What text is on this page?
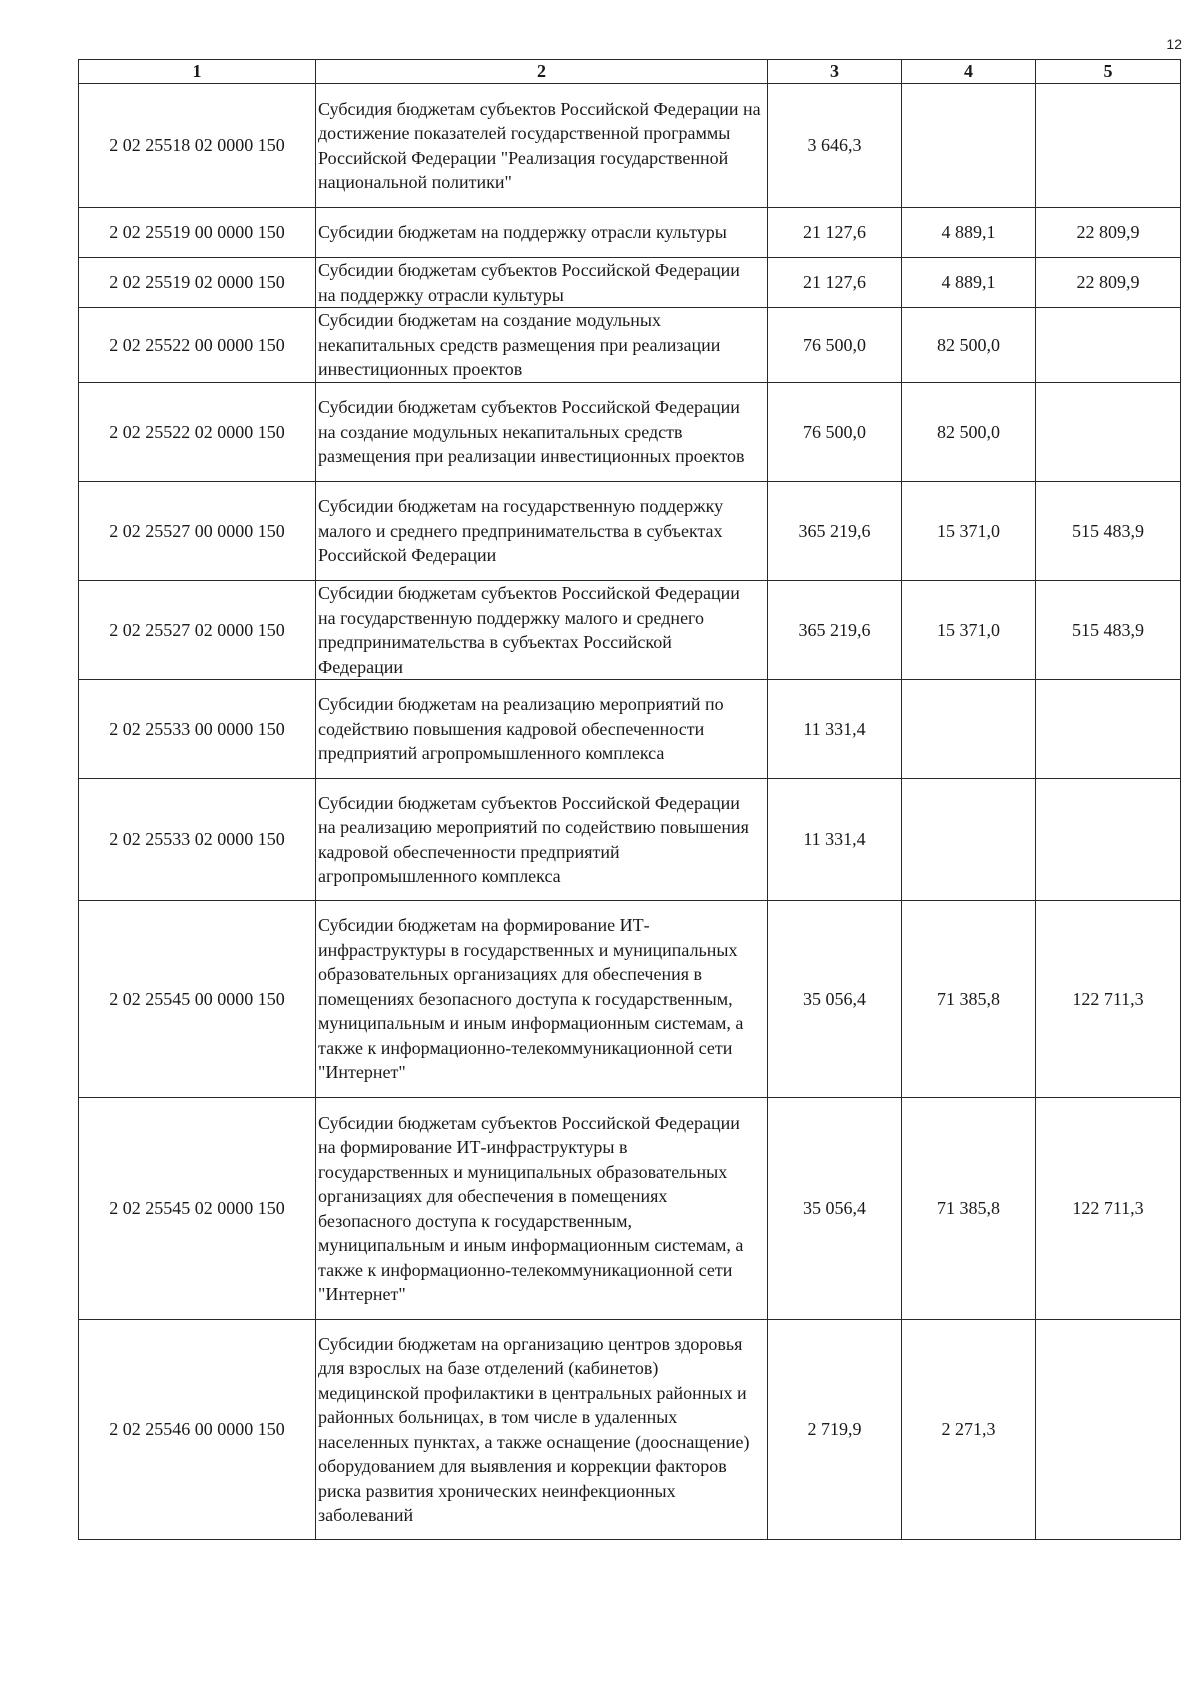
12
1	2	3	4	5
2 02 25518 02 0000 150	Субсидия бюджетам субъектов Российской Федерации на достижение показателей государственной программы Российской Федерации "Реализация государственной национальной политики"	3 646,3		
2 02 25519 00 0000 150	Субсидии бюджетам на поддержку отрасли культуры	21 127,6	4 889,1	22 809,9
2 02 25519 02 0000 150	Субсидии бюджетам субъектов Российской Федерации на поддержку отрасли культуры	21 127,6	4 889,1	22 809,9
2 02 25522 00 0000 150	Субсидии бюджетам на создание модульных некапитальных средств размещения при реализации инвестиционных проектов	76 500,0	82 500,0	
2 02 25522 02 0000 150	Субсидии бюджетам субъектов Российской Федерации на создание модульных некапитальных средств размещения при реализации инвестиционных проектов	76 500,0	82 500,0	
2 02 25527 00 0000 150	Субсидии бюджетам на государственную поддержку малого и среднего предпринимательства в субъектах Российской Федерации	365 219,6	15 371,0	515 483,9
2 02 25527 02 0000 150	Субсидии бюджетам субъектов Российской Федерации на государственную поддержку малого и среднего предпринимательства в субъектах Российской Федерации	365 219,6	15 371,0	515 483,9
2 02 25533 00 0000 150	Субсидии бюджетам на реализацию мероприятий по содействию повышения кадровой обеспеченности предприятий агропромышленного комплекса	11 331,4		
2 02 25533 02 0000 150	Субсидии бюджетам субъектов Российской Федерации на реализацию мероприятий по содействию повышения кадровой обеспеченности предприятий агропромышленного комплекса	11 331,4		
2 02 25545 00 0000 150	Субсидии бюджетам на формирование ИТ-инфраструктуры в государственных и муниципальных образовательных организациях для обеспечения в помещениях безопасного доступа к государственным, муниципальным и иным информационным системам, а также к информационно-телекоммуникационной сети "Интернет"	35 056,4	71 385,8	122 711,3
2 02 25545 02 0000 150	Субсидии бюджетам субъектов Российской Федерации на формирование ИТ-инфраструктуры в государственных и муниципальных образовательных организациях для обеспечения в помещениях безопасного доступа к государственным, муниципальным и иным информационным системам, а также к информационно-телекоммуникационной сети "Интернет"	35 056,4	71 385,8	122 711,3
2 02 25546 00 0000 150	Субсидии бюджетам на организацию центров здоровья для взрослых на базе отделений (кабинетов) медицинской профилактики в центральных районных и районных больницах, в том числе в удаленных населенных пунктах, а также оснащение (дооснащение) оборудованием для выявления и коррекции факторов риска развития хронических неинфекционных заболеваний	2 719,9	2 271,3	
